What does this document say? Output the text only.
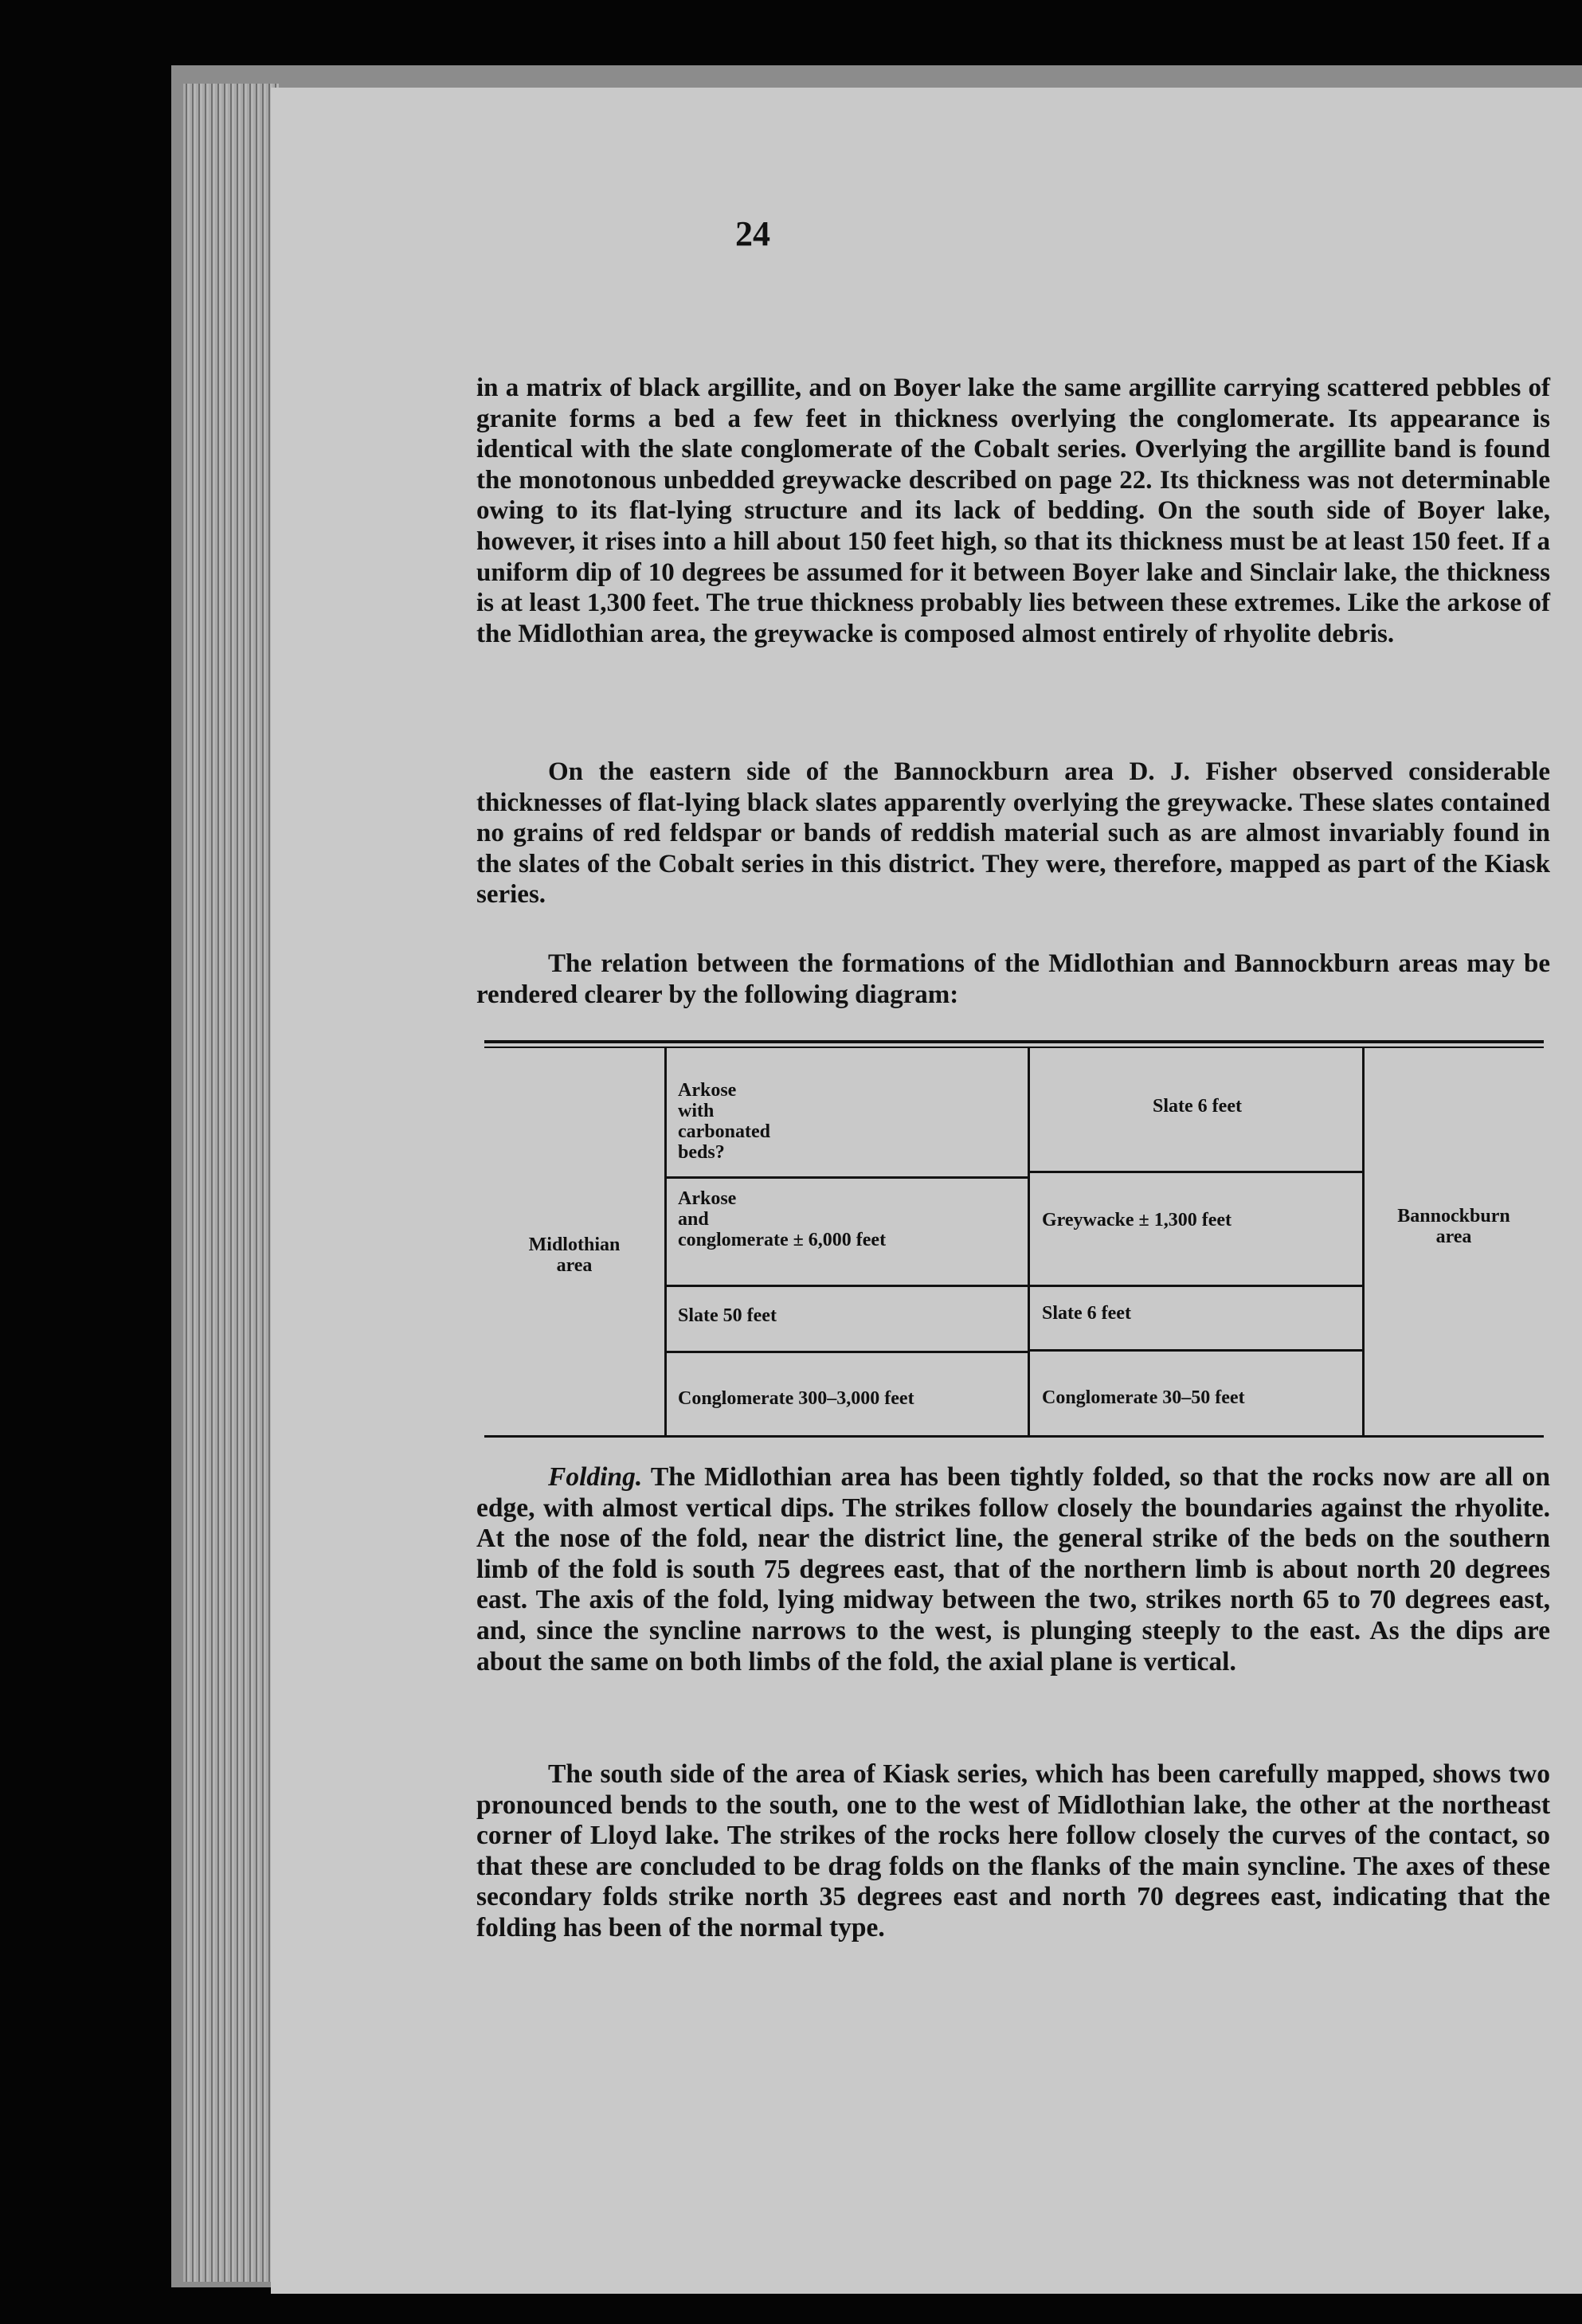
24

in a matrix of black argillite, and on Boyer lake the same argillite carrying scattered pebbles of granite forms a bed a few feet in thickness overlying the conglomerate. Its appearance is identical with the slate conglomerate of the Cobalt series. Overlying the argillite band is found the monotonous unbedded greywacke described on page 22. Its thickness was not determinable owing to its flat-lying structure and its lack of bedding. On the south side of Boyer lake, however, it rises into a hill about 150 feet high, so that its thickness must be at least 150 feet. If a uniform dip of 10 degrees be assumed for it between Boyer lake and Sinclair lake, the thickness is at least 1,300 feet. The true thickness probably lies between these extremes. Like the arkose of the Midlothian area, the greywacke is composed almost entirely of rhyolite debris.

On the eastern side of the Bannockburn area D. J. Fisher observed considerable thicknesses of flat-lying black slates apparently overlying the greywacke. These slates contained no grains of red feldspar or bands of reddish material such as are almost invariably found in the slates of the Cobalt series in this district. They were, therefore, mapped as part of the Kiask series.

The relation between the formations of the Midlothian and Bannockburn areas may be rendered clearer by the following diagram:

Midlothian
area
Bannockburn
area
Arkose
with
carbonated
beds?
Arkose
and
conglomerate ± 6,000 feet
Slate 50 feet
Conglomerate 300–3,000 feet
Slate 6 feet
Greywacke ± 1,300 feet
Slate 6 feet
Conglomerate 30–50 feet

Folding. The Midlothian area has been tightly folded, so that the rocks now are all on edge, with almost vertical dips. The strikes follow closely the boundaries against the rhyolite. At the nose of the fold, near the district line, the general strike of the beds on the southern limb of the fold is south 75 degrees east, that of the northern limb is about north 20 degrees east. The axis of the fold, lying midway between the two, strikes north 65 to 70 degrees east, and, since the syncline narrows to the west, is plunging steeply to the east. As the dips are about the same on both limbs of the fold, the axial plane is vertical.

The south side of the area of Kiask series, which has been carefully mapped, shows two pronounced bends to the south, one to the west of Midlothian lake, the other at the northeast corner of Lloyd lake. The strikes of the rocks here follow closely the curves of the contact, so that these are concluded to be drag folds on the flanks of the main syncline. The axes of these secondary folds strike north 35 degrees east and north 70 degrees east, indicating that the folding has been of the normal type.
